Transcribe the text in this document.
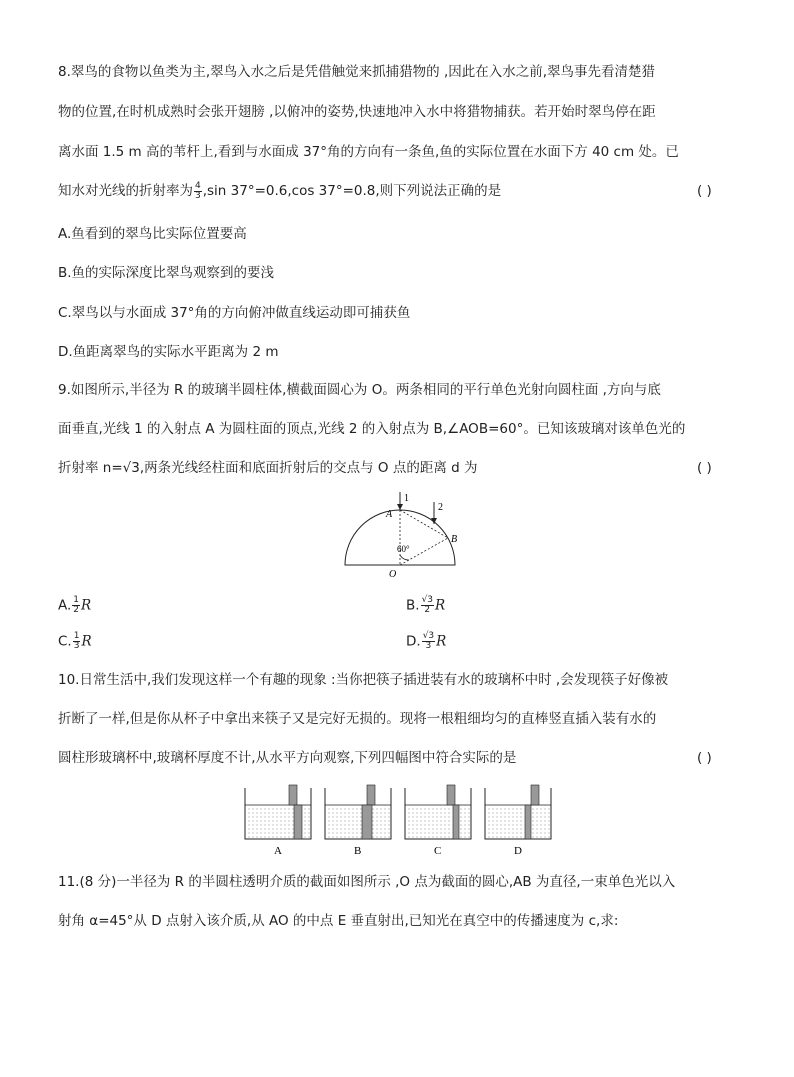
8.翠鸟的食物以鱼类为主,翠鸟入水之后是凭借触觉来抓捕猎物的 ,因此在入水之前,翠鸟事先看清楚猎
物的位置,在时机成熟时会张开翅膀 ,以俯冲的姿势,快速地冲入水中将猎物捕获。若开始时翠鸟停在距
离水面 1.5 m 高的苇杆上,看到与水面成 37°角的方向有一条鱼,鱼的实际位置在水面下方 40 cm 处。已
知水对光线的折射率为 $\frac{4}{3} ,\sin$ 37°=0.6,cos 37°=0.8,则下列说法正确的是	( )
A.鱼看到的翠鸟比实际位置要高
B.鱼的实际深度比翠鸟观察到的要浅
C.翠鸟以与水面成 37°角的方向俯冲做直线运动即可捕获鱼
D.鱼距离翠鸟的实际水平距离为 2 m
9.如图所示,半径为 R 的玻璃半圆柱体,横截面圆心为 O。两条相同的平行单色光射向圆柱面 ,方向与底
面垂直,光线 1 的入射点 A 为圆柱面的顶点,光线 2 的入射点为 B,∠AOB=60°。已知该玻璃对该单色光的
折射率 n=√3,两条光线经柱面和底面折射后的交点与 O 点的距离 d 为	( )
1
2
A
B
O
60°
A. $\frac{1}{2}$ R	B. $\frac{√3}{2}$ R
C. $\frac{1}{3}$ R	D. $\frac{√3}{3}$ R
10.日常生活中,我们发现这样一个有趣的现象 :当你把筷子插进装有水的玻璃杯中时 ,会发现筷子好像被
折断了一样,但是你从杯子中拿出来筷子又是完好无损的。现将一根粗细均匀的直棒竖直插入装有水的
圆柱形玻璃杯中,玻璃杯厚度不计,从水平方向观察,下列四幅图中符合实际的是	( )
A	B	C	D
11.(8 分)一半径为 R 的半圆柱透明介质的截面如图所示 ,O 点为截面的圆心,AB 为直径,一束单色光以入
射角 α=45°从 D 点射入该介质,从 AO 的中点 E 垂直射出,已知光在真空中的传播速度为 c,求:
